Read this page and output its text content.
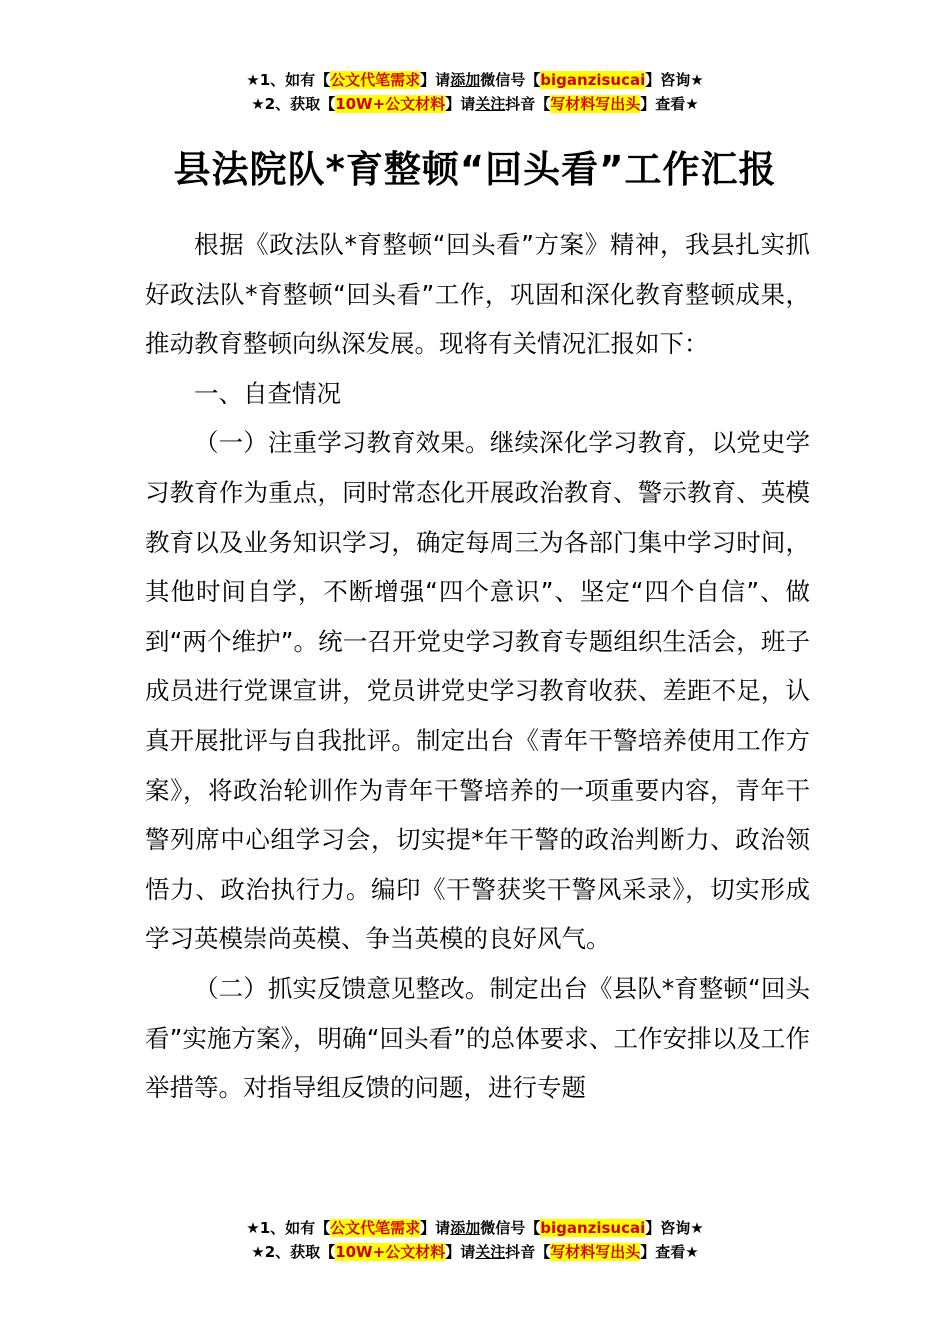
★1、如有【公文代笔需求】请添加微信号【biganzisucai】咨询★
★2、获取【10W+公文材料】请关注抖音【写材料写出头】查看★
县法院队*育整顿“回头看”工作汇报

根据《政法队*育整顿“回头看”方案》精神，我县扎实抓好政法队*育整顿“回头看”工作，巩固和深化教育整顿成果，推动教育整顿向纵深发展。现将有关情况汇报如下：

一、自查情况

（一）注重学习教育效果。继续深化学习教育，以党史学习教育作为重点，同时常态化开展政治教育、警示教育、英模教育以及业务知识学习，确定每周三为各部门集中学习时间，其他时间自学，不断增强“四个意识”、坚定“四个自信”、做到“两个维护”。统一召开党史学习教育专题组织生活会，班子成员进行党课宣讲，党员讲党史学习教育收获、差距不足，认真开展批评与自我批评。制定出台《青年干警培养使用工作方案》，将政治轮训作为青年干警培养的一项重要内容，青年干警列席中心组学习会，切实提*年干警的政治判断力、政治领悟力、政治执行力。编印《干警获奖干警风采录》，切实形成学习英模崇尚英模、争当英模的良好风气。

（二）抓实反馈意见整改。制定出台《县队*育整顿“回头看”实施方案》，明确“回头看”的总体要求、工作安排以及工作举措等。对指导组反馈的问题，进行专题

★1、如有【公文代笔需求】请添加微信号【biganzisucai】咨询★
★2、获取【10W+公文材料】请关注抖音【写材料写出头】查看★
